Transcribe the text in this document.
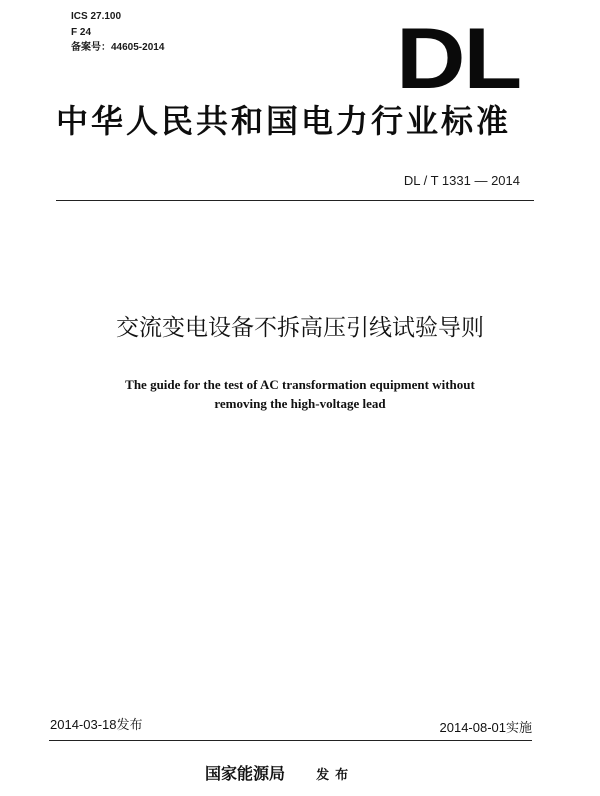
ICS 27.100
F 24
备案号：44605-2014	DL
中华人民共和国电力行业标准
DL / T 1331 — 2014
交流变电设备不拆高压引线试验导则
The guide for the test of AC transformation equipment without
removing the high-voltage lead
2014-03-18发布	2014-08-01实施
国家能源局 发布
